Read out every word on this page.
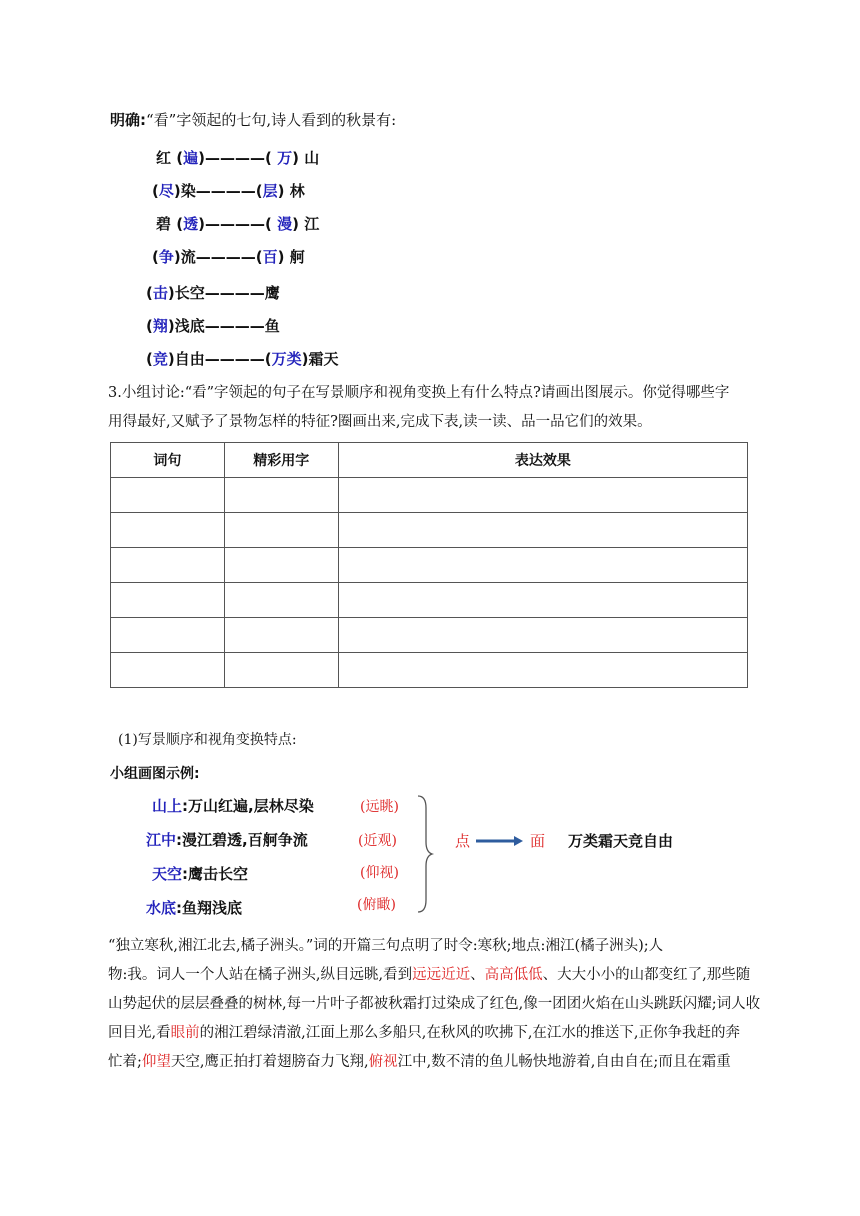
明确:“看”字领起的七句,诗人看到的秋景有:
红 (遍)————( 万) 山
(尽)染————(层) 林
碧 (透)————( 漫) 江
(争)流————(百) 舸
(击)长空————鹰
(翔)浅底————鱼
(竞)自由————(万类)霜天
3.小组讨论:“看”字领起的句子在写景顺序和视角变换上有什么特点?请画出图展示。你觉得哪些字
用得最好,又赋予了景物怎样的特征?圈画出来,完成下表,读一读、品一品它们的效果。
词句	精彩用字	表达效果

(1)写景顺序和视角变换特点:
小组画图示例:
山上:万山红遍,层林尽染	(远眺)
江中:漫江碧透,百舸争流	(近观)
天空:鹰击长空	(仰视)
水底:鱼翔浅底	(俯瞰)
点	面 万类霜天竞自由
“独立寒秋,湘江北去,橘子洲头。”词的开篇三句点明了时令:寒秋;地点:湘江(橘子洲头);人
物:我。词人一个人站在橘子洲头,纵目远眺,看到远远近近、高高低低、大大小小的山都变红了,那些随
山势起伏的层层叠叠的树林,每一片叶子都被秋霜打过染成了红色,像一团团火焰在山头跳跃闪耀;词人收
回目光,看眼前的湘江碧绿清澈,江面上那么多船只,在秋风的吹拂下,在江水的推送下,正你争我赶的奔
忙着;仰望天空,鹰正拍打着翅膀奋力飞翔,俯视江中,数不清的鱼儿畅快地游着,自由自在;而且在霜重
